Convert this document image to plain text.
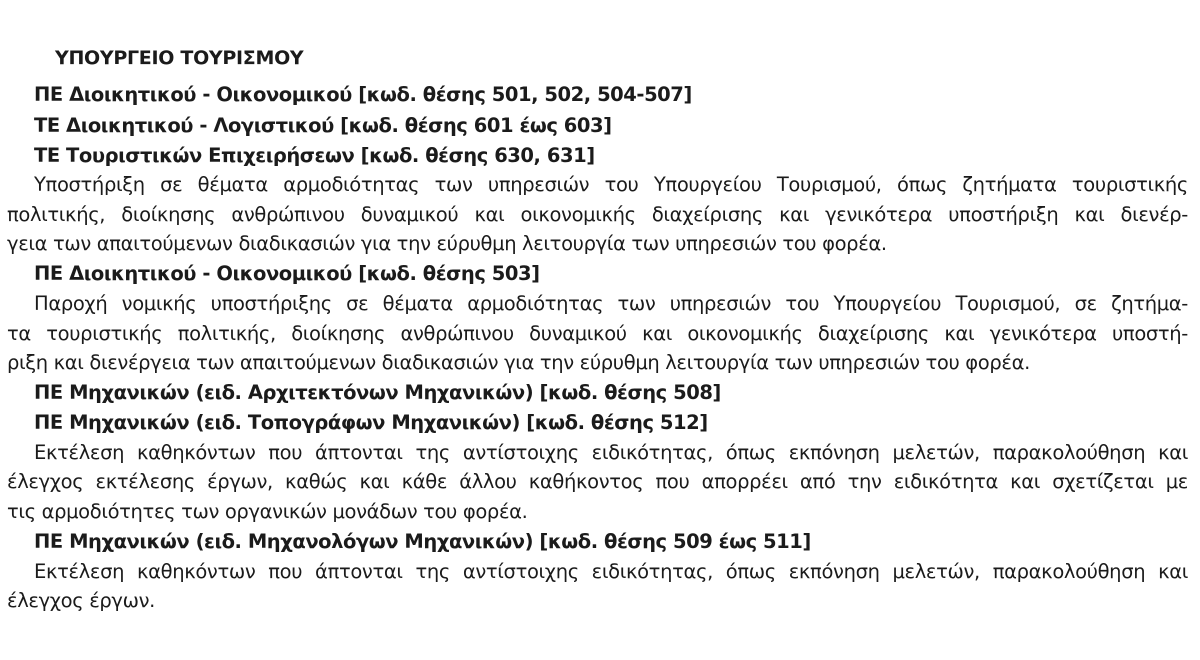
ΥΠΟΥΡΓΕΙΟ ΤΟΥΡΙΣΜΟΥ
ΠΕ Διοικητικού - Οικονομικού [κωδ. θέσης 501, 502, 504-507]
ΤΕ Διοικητικού - Λογιστικού [κωδ. θέσης 601 έως 603]
ΤΕ Τουριστικών Επιχειρήσεων [κωδ. θέσης 630, 631]
Υποστήριξη σε θέματα αρμοδιότητας των υπηρεσιών του Υπουργείου Τουρισμού, όπως ζητήματα τουριστικής
πολιτικής, διοίκησης ανθρώπινου δυναμικού και οικονομικής διαχείρισης και γενικότερα υποστήριξη και διενέρ-
γεια των απαιτούμενων διαδικασιών για την εύρυθμη λειτουργία των υπηρεσιών του φορέα.
ΠΕ Διοικητικού - Οικονομικού [κωδ. θέσης 503]
Παροχή νομικής υποστήριξης σε θέματα αρμοδιότητας των υπηρεσιών του Υπουργείου Τουρισμού, σε ζητήμα-
τα τουριστικής πολιτικής, διοίκησης ανθρώπινου δυναμικού και οικονομικής διαχείρισης και γενικότερα υποστή-
ριξη και διενέργεια των απαιτούμενων διαδικασιών για την εύρυθμη λειτουργία των υπηρεσιών του φορέα.
ΠΕ Μηχανικών (ειδ. Αρχιτεκτόνων Μηχανικών) [κωδ. θέσης 508]
ΠΕ Μηχανικών (ειδ. Τοπογράφων Μηχανικών) [κωδ. θέσης 512]
Εκτέλεση καθηκόντων που άπτονται της αντίστοιχης ειδικότητας, όπως εκπόνηση μελετών, παρακολούθηση και
έλεγχος εκτέλεσης έργων, καθώς και κάθε άλλου καθήκοντος που απορρέει από την ειδικότητα και σχετίζεται με
τις αρμοδιότητες των οργανικών μονάδων του φορέα.
ΠΕ Μηχανικών (ειδ. Μηχανολόγων Μηχανικών) [κωδ. θέσης 509 έως 511]
Εκτέλεση καθηκόντων που άπτονται της αντίστοιχης ειδικότητας, όπως εκπόνηση μελετών, παρακολούθηση και
έλεγχος έργων.
